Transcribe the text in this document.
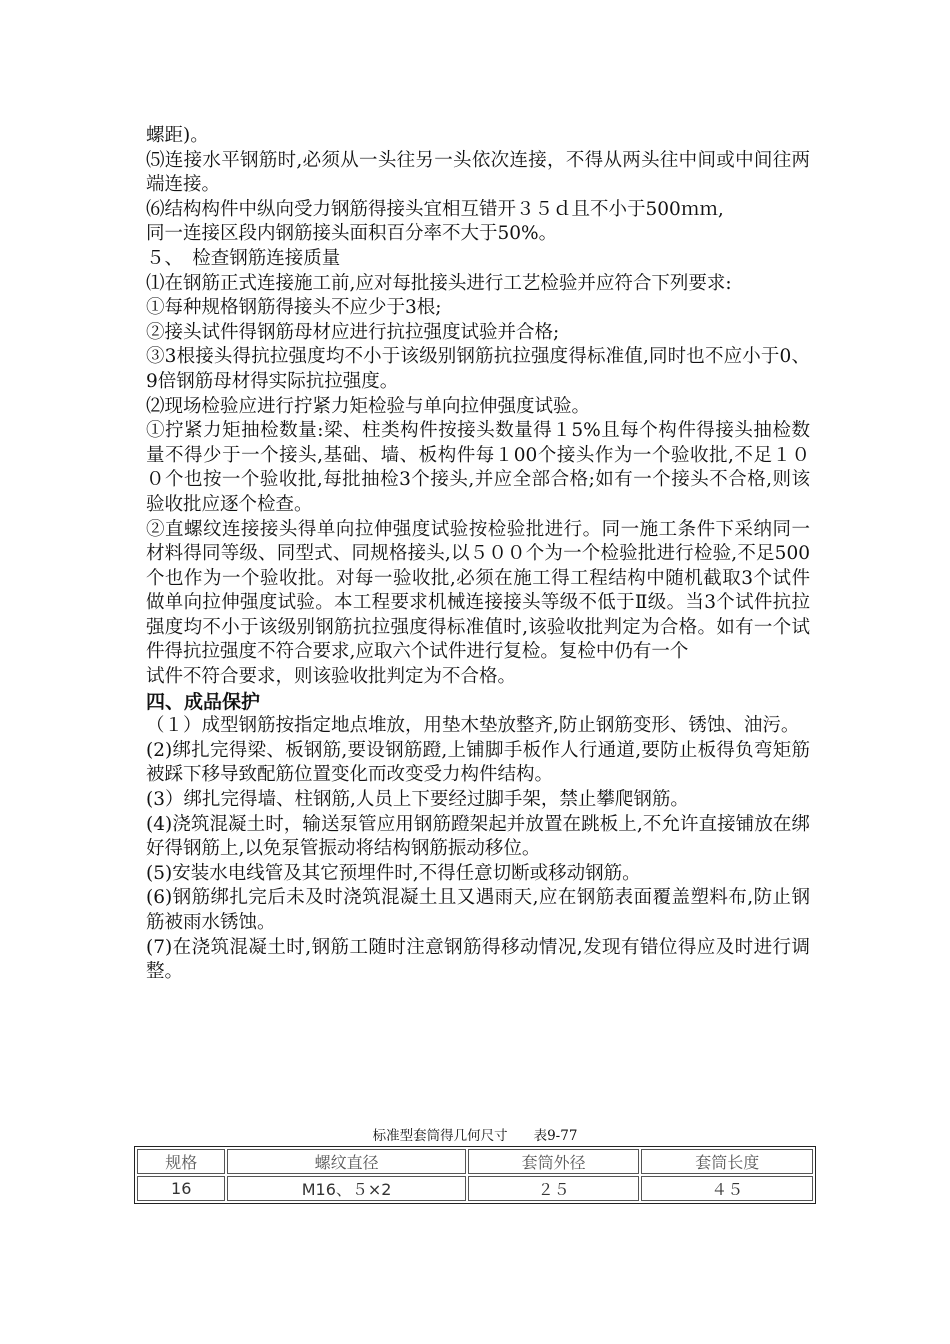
螺距)。

⑸连接水平钢筋时,必须从一头往另一头依次连接，不得从两头往中间或中间往两端连接。

⑹结构构件中纵向受力钢筋得接头宜相互错开３５ｄ且不小于500ｍｍ,

同一连接区段内钢筋接头面积百分率不大于50%。

５、　检查钢筋连接质量

⑴在钢筋正式连接施工前,应对每批接头进行工艺检验并应符合下列要求:

①每种规格钢筋得接头不应少于3根;

②接头试件得钢筋母材应进行抗拉强度试验并合格;

③3根接头得抗拉强度均不小于该级别钢筋抗拉强度得标准值,同时也不应小于0、9倍钢筋母材得实际抗拉强度。

⑵现场检验应进行拧紧力矩检验与单向拉伸强度试验。

①拧紧力矩抽检数量:梁、柱类构件按接头数量得１5%且每个构件得接头抽检数量不得少于一个接头,基础、墙、板构件每１00个接头作为一个验收批,不足１００个也按一个验收批,每批抽检3个接头,并应全部合格;如有一个接头不合格,则该验收批应逐个检查。

②直螺纹连接接头得单向拉伸强度试验按检验批进行。同一施工条件下采纳同一材料得同等级、同型式、同规格接头,以５００个为一个检验批进行检验,不足500个也作为一个验收批。对每一验收批,必须在施工得工程结构中随机截取3个试件做单向拉伸强度试验。本工程要求机械连接接头等级不低于Ⅱ级。当3个试件抗拉强度均不小于该级别钢筋抗拉强度得标准值时,该验收批判定为合格。如有一个试件得抗拉强度不符合要求,应取六个试件进行复检。复检中仍有一个

试件不符合要求，则该验收批判定为不合格。

四、成品保护

（１）成型钢筋按指定地点堆放，用垫木垫放整齐,防止钢筋变形、锈蚀、油污。

(2)绑扎完得梁、板钢筋,要设钢筋蹬,上铺脚手板作人行通道,要防止板得负弯矩筋被踩下移导致配筋位置变化而改变受力构件结构。

(3）绑扎完得墙、柱钢筋,人员上下要经过脚手架，禁止攀爬钢筋。

(4)浇筑混凝土时，输送泵管应用钢筋蹬架起并放置在跳板上,不允许直接铺放在绑好得钢筋上,以免泵管振动将结构钢筋振动移位。

(5)安装水电线管及其它预埋件时,不得任意切断或移动钢筋。

(6)钢筋绑扎完后未及时浇筑混凝土且又遇雨天,应在钢筋表面覆盖塑料布,防止钢筋被雨水锈蚀。

(7)在浇筑混凝土时,钢筋工随时注意钢筋得移动情况,发现有错位得应及时进行调整。

标准型套筒得几何尺寸 表9-77
规格	螺纹直径	套筒外径	套筒长度
16	M16、５×2	２５	４５
